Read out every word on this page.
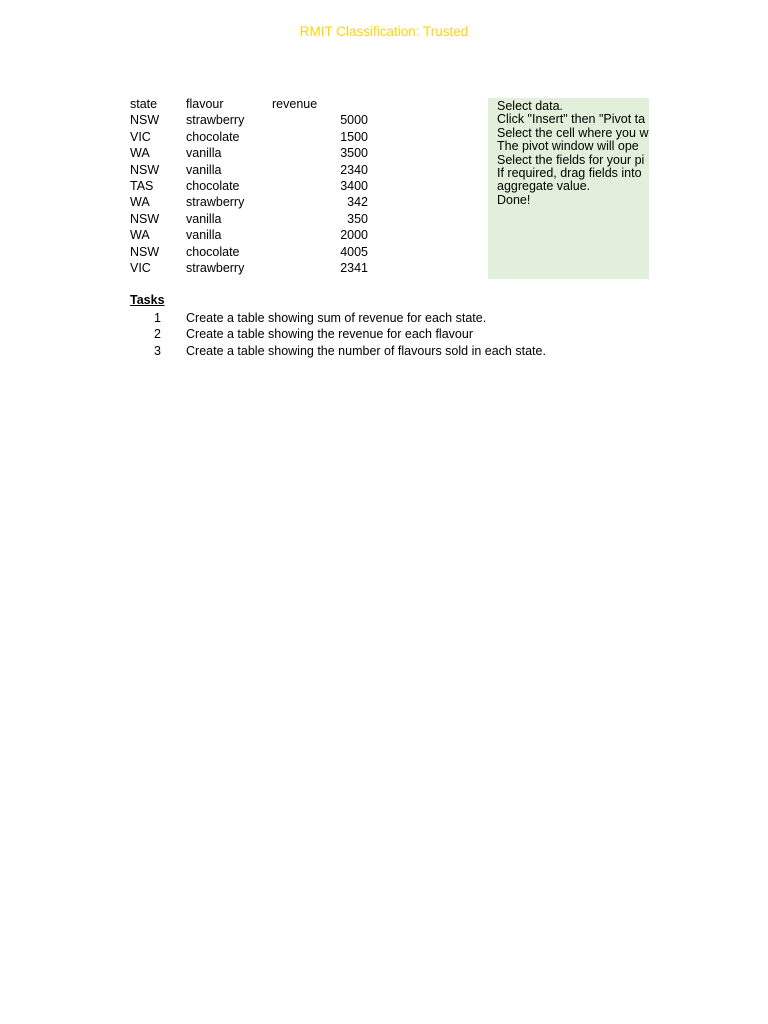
RMIT Classification: Trusted
state	flavour	revenue
NSW	strawberry	5000
VIC	chocolate	1500
WA	vanilla	3500
NSW	vanilla	2340
TAS	chocolate	3400
WA	strawberry	342
NSW	vanilla	350
WA	vanilla	2000
NSW	chocolate	4005
VIC	strawberry	2341
Tasks
1	Create a table showing sum of revenue for each state.
2	Create a table showing the revenue for each flavour
3	Create a table showing the number of flavours sold in each state.
Select data.
Click "Insert" then "Pivot ta
Select the cell where you w
The pivot window will ope
Select the fields for your pi
If required, drag fields into
aggregate value.
Done!
